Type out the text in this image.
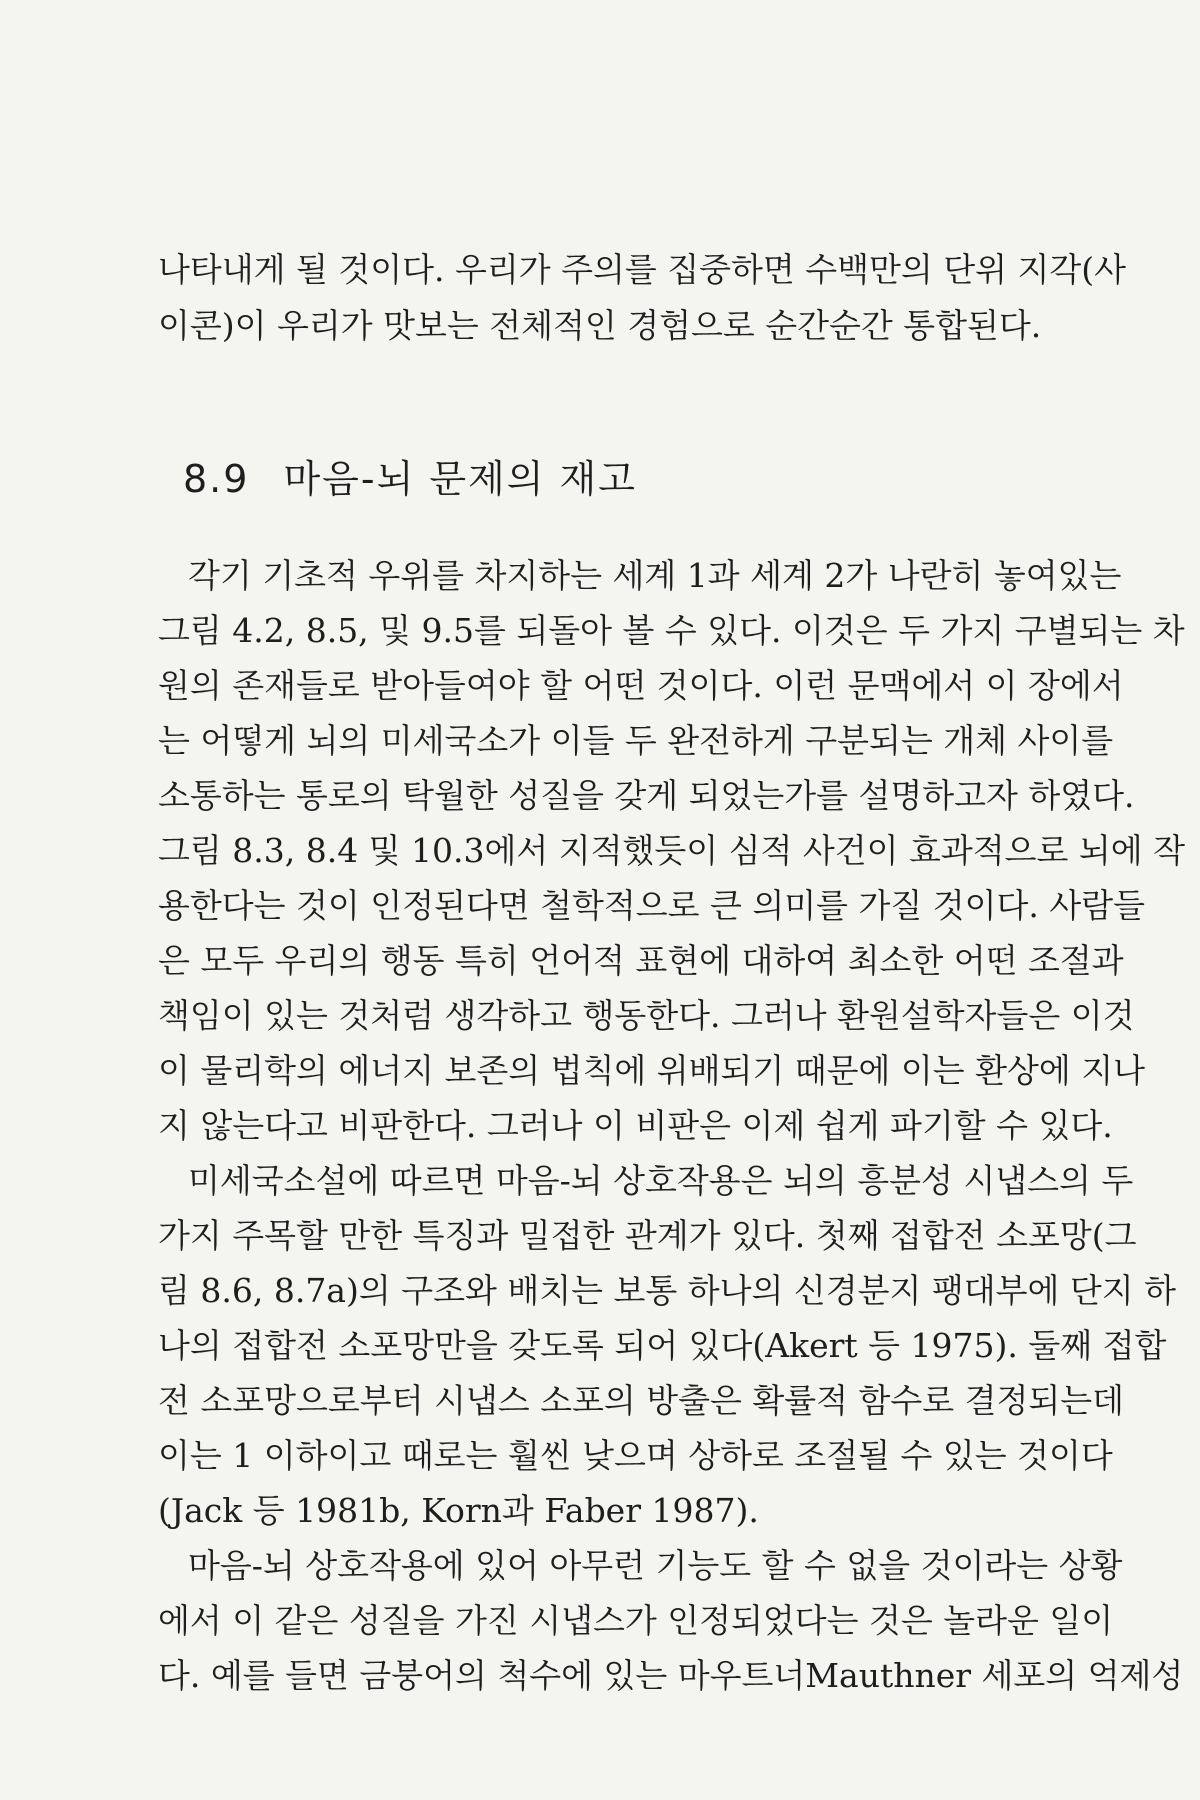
나타내게 될 것이다. 우리가 주의를 집중하면 수백만의 단위 지각(사
이콘)이 우리가 맛보는 전체적인 경험으로 순간순간 통합된다.
8.9 마음-뇌 문제의 재고
각기 기초적 우위를 차지하는 세계 1과 세계 2가 나란히 놓여있는
그림 4.2, 8.5, 및 9.5를 되돌아 볼 수 있다. 이것은 두 가지 구별되는 차
원의 존재들로 받아들여야 할 어떤 것이다. 이런 문맥에서 이 장에서
는 어떻게 뇌의 미세국소가 이들 두 완전하게 구분되는 개체 사이를
소통하는 통로의 탁월한 성질을 갖게 되었는가를 설명하고자 하였다.
그림 8.3, 8.4 및 10.3에서 지적했듯이 심적 사건이 효과적으로 뇌에 작
용한다는 것이 인정된다면 철학적으로 큰 의미를 가질 것이다. 사람들
은 모두 우리의 행동 특히 언어적 표현에 대하여 최소한 어떤 조절과
책임이 있는 것처럼 생각하고 행동한다. 그러나 환원설학자들은 이것
이 물리학의 에너지 보존의 법칙에 위배되기 때문에 이는 환상에 지나
지 않는다고 비판한다. 그러나 이 비판은 이제 쉽게 파기할 수 있다.
미세국소설에 따르면 마음-뇌 상호작용은 뇌의 흥분성 시냅스의 두
가지 주목할 만한 특징과 밀접한 관계가 있다. 첫째 접합전 소포망(그
림 8.6, 8.7a)의 구조와 배치는 보통 하나의 신경분지 팽대부에 단지 하
나의 접합전 소포망만을 갖도록 되어 있다(Akert 등 1975). 둘째 접합
전 소포망으로부터 시냅스 소포의 방출은 확률적 함수로 결정되는데
이는 1 이하이고 때로는 훨씬 낮으며 상하로 조절될 수 있는 것이다
(Jack 등 1981b, Korn과 Faber 1987).
마음-뇌 상호작용에 있어 아무런 기능도 할 수 없을 것이라는 상황
에서 이 같은 성질을 가진 시냅스가 인정되었다는 것은 놀라운 일이
다. 예를 들면 금붕어의 척수에 있는 마우트너Mauthner 세포의 억제성
